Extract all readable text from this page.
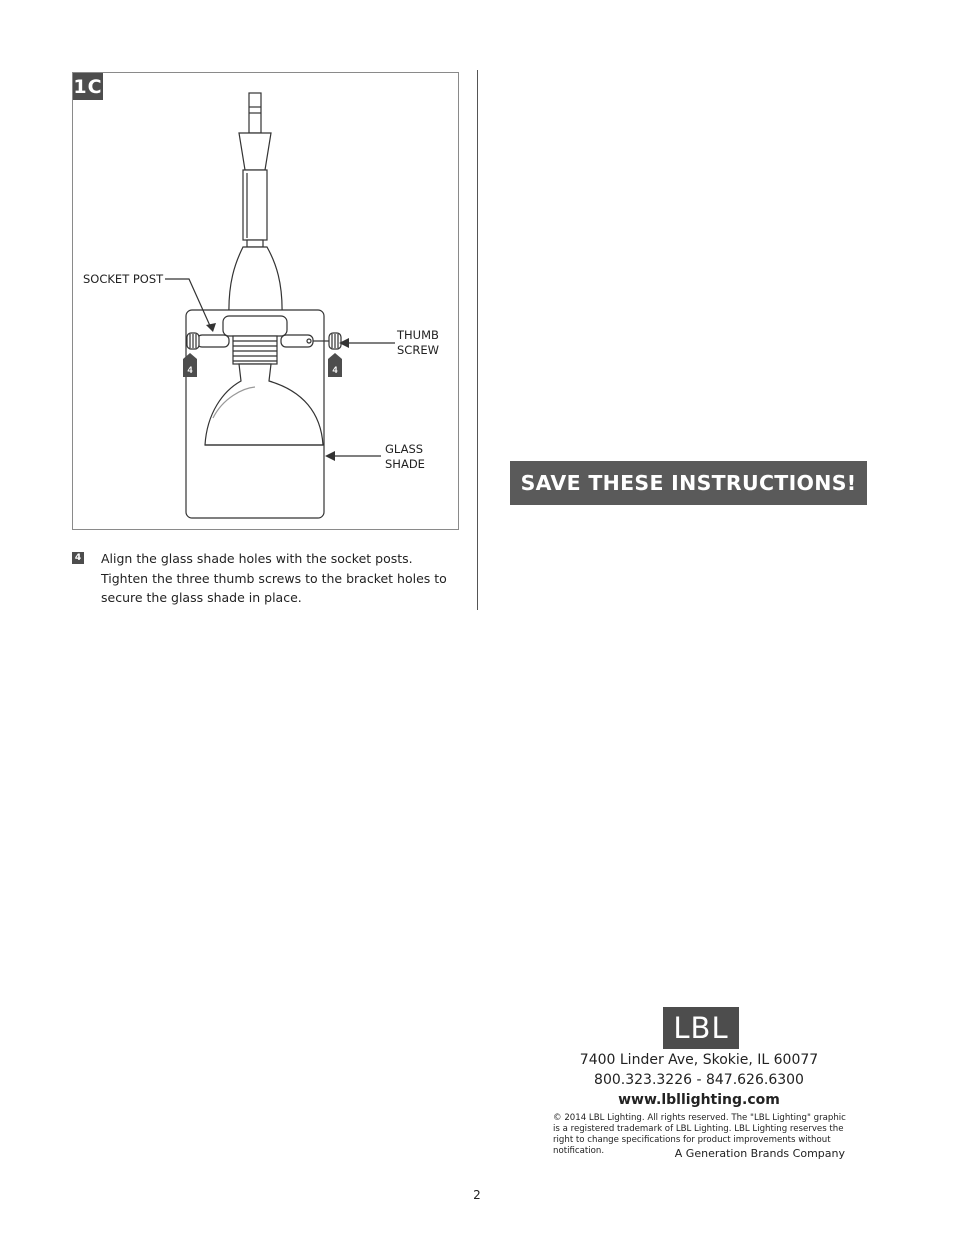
4	4
1C
SOCKET POST
THUMB
SCREW
GLASS
SHADE
4 Align the glass shade holes with the socket posts. Tighten the three thumb screws to the bracket holes to secure the glass shade in place.
SAVE THESE INSTRUCTIONS!
LBL
7400 Linder Ave, Skokie, IL 60077
800.323.3226 - 847.626.6300
www.lbllighting.com
© 2014 LBL Lighting. All rights reserved. The "LBL Lighting" graphic is a registered trademark of LBL Lighting. LBL Lighting reserves the right to change specifications for product improvements without notification.	A Generation Brands Company
2
